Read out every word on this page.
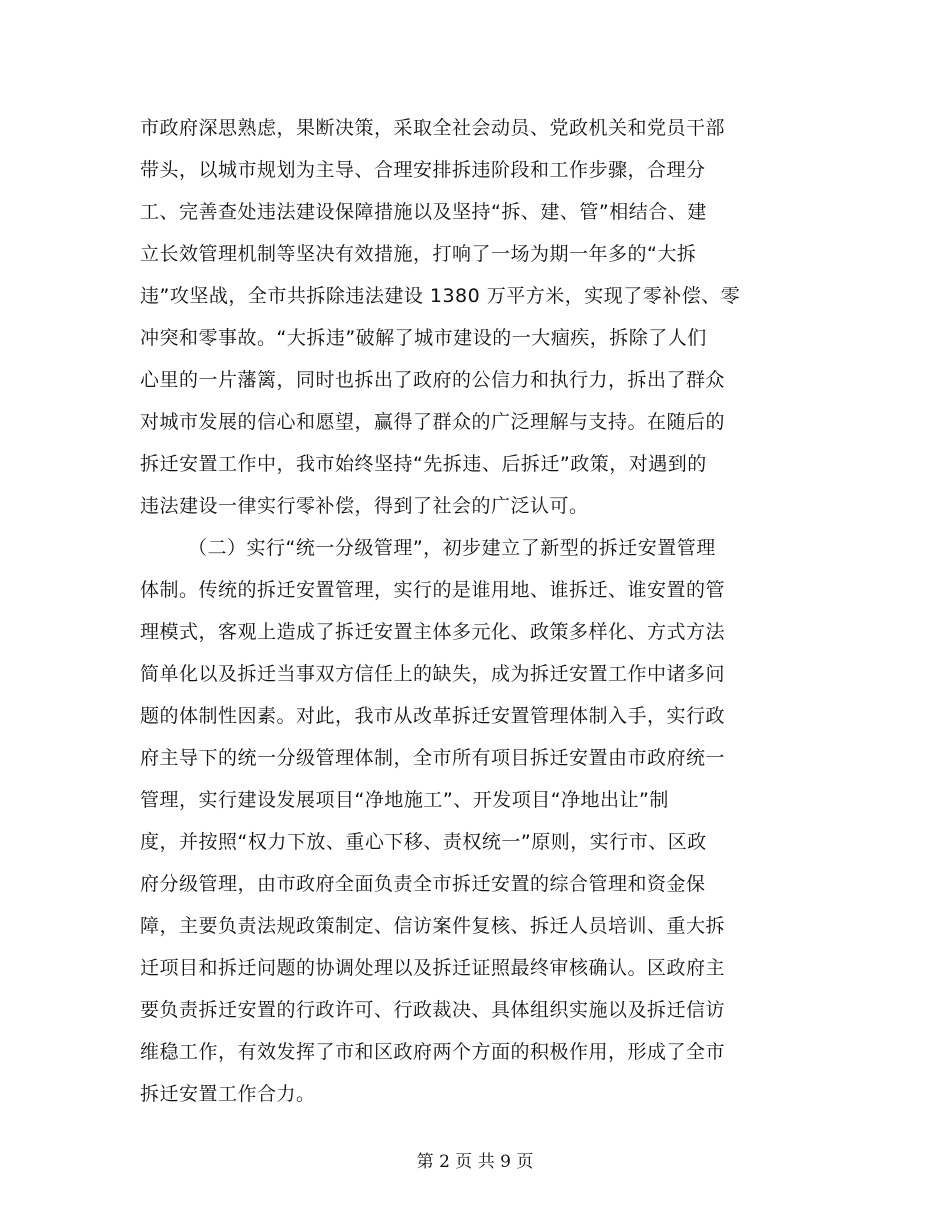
市政府深思熟虑，果断决策，采取全社会动员、党政机关和党员干部
带头，以城市规划为主导、合理安排拆违阶段和工作步骤，合理分
工、完善查处违法建设保障措施以及坚持“拆、建、管”相结合、建
立长效管理机制等坚决有效措施，打响了一场为期一年多的“大拆
违”攻坚战，全市共拆除违法建设 1380 万平方米，实现了零补偿、零
冲突和零事故。“大拆违”破解了城市建设的一大痼疾，拆除了人们
心里的一片藩篱，同时也拆出了政府的公信力和执行力，拆出了群众
对城市发展的信心和愿望，赢得了群众的广泛理解与支持。在随后的
拆迁安置工作中，我市始终坚持“先拆违、后拆迁”政策，对遇到的
违法建设一律实行零补偿，得到了社会的广泛认可。
（二）实行“统一分级管理”，初步建立了新型的拆迁安置管理
体制。传统的拆迁安置管理，实行的是谁用地、谁拆迁、谁安置的管
理模式，客观上造成了拆迁安置主体多元化、政策多样化、方式方法
简单化以及拆迁当事双方信任上的缺失，成为拆迁安置工作中诸多问
题的体制性因素。对此，我市从改革拆迁安置管理体制入手，实行政
府主导下的统一分级管理体制，全市所有项目拆迁安置由市政府统一
管理，实行建设发展项目“净地施工”、开发项目“净地出让”制
度，并按照“权力下放、重心下移、责权统一”原则，实行市、区政
府分级管理，由市政府全面负责全市拆迁安置的综合管理和资金保
障，主要负责法规政策制定、信访案件复核、拆迁人员培训、重大拆
迁项目和拆迁问题的协调处理以及拆迁证照最终审核确认。区政府主
要负责拆迁安置的行政许可、行政裁决、具体组织实施以及拆迁信访
维稳工作，有效发挥了市和区政府两个方面的积极作用，形成了全市
拆迁安置工作合力。
第 2 页 共 9 页
